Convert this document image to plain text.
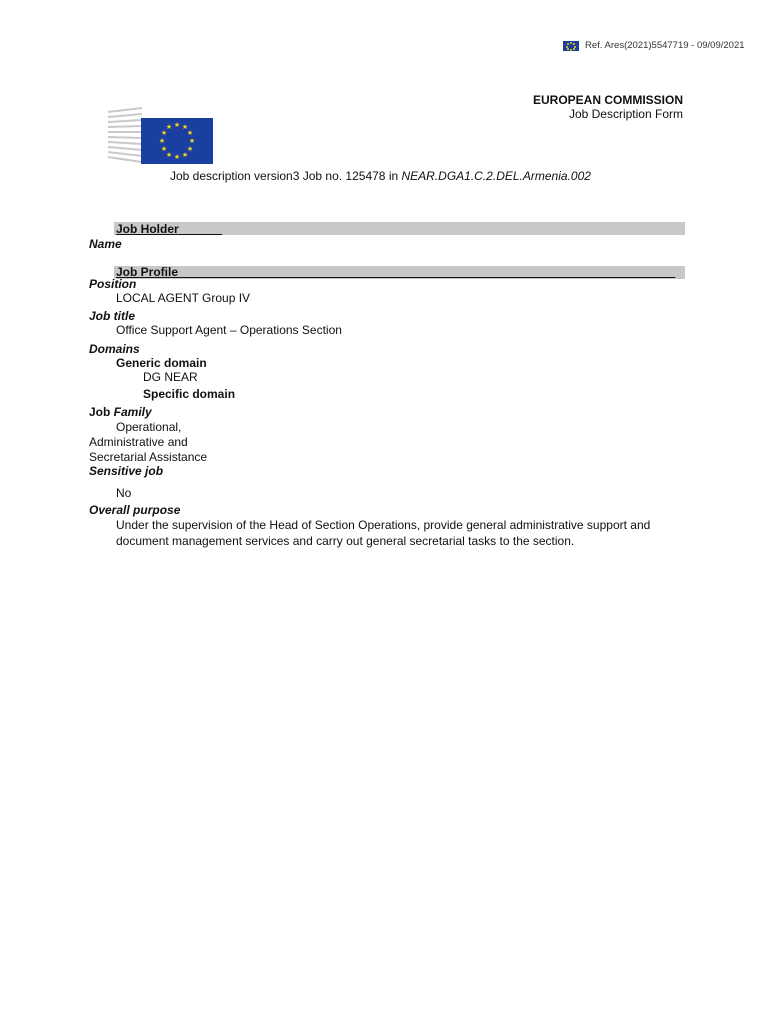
Ref. Ares(2021)5547719 - 09/09/2021
EUROPEAN COMMISSION
Job Description Form
★ ★
★
★
★
★
★
★
★
★
★
★
Job description version3 Job no. 125478 in NEAR.DGA1.C.2.DEL.Armenia.002
Job Holder ______
Name
Job Profile __________________________________________________________________________
Position
LOCAL AGENT Group IV
Job title
Office Support Agent – Operations Section
Domains
Generic domain
DG NEAR
Specific domain
Job Family
Operational,
Administrative and
Secretarial Assistance
Sensitive job
No
Overall purpose
Under the supervision of the Head of Section Operations, provide general administrative support and document management services and carry out general secretarial tasks to the section.
